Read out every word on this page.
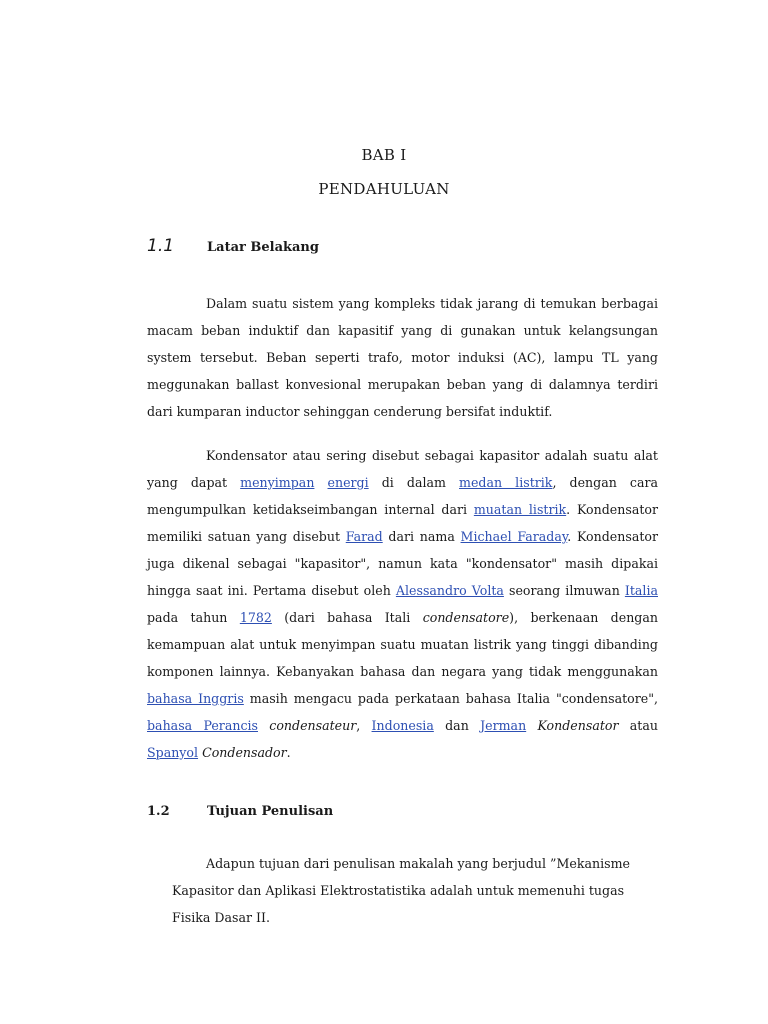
BAB I
PENDAHULUAN
1.1	Latar Belakang

Dalam suatu sistem yang kompleks tidak jarang di temukan berbagai macam beban induktif dan kapasitif yang di gunakan untuk kelangsungan system tersebut. Beban seperti trafo, motor induksi (AC), lampu TL yang meggunakan ballast konvesional merupakan beban yang di dalamnya terdiri dari kumparan inductor sehinggan cenderung bersifat induktif.

Kondensator atau sering disebut sebagai kapasitor adalah suatu alat yang dapat menyimpan energi di dalam medan listrik, dengan cara mengumpulkan ketidakseimbangan internal dari muatan listrik. Kondensator memiliki satuan yang disebut Farad dari nama Michael Faraday. Kondensator juga dikenal sebagai "kapasitor", namun kata "kondensator" masih dipakai hingga saat ini. Pertama disebut oleh Alessandro Volta seorang ilmuwan Italia pada tahun 1782 (dari bahasa Itali condensatore), berkenaan dengan kemampuan alat untuk menyimpan suatu muatan listrik yang tinggi dibanding komponen lainnya. Kebanyakan bahasa dan negara yang tidak menggunakan bahasa Inggris masih mengacu pada perkataan bahasa Italia "condensatore", bahasa Perancis condensateur, Indonesia dan Jerman Kondensator atau Spanyol Condensador.

1.2	Tujuan Penulisan

Adapun tujuan dari penulisan makalah yang berjudul ”Mekanisme Kapasitor dan Aplikasi Elektrostatistika adalah untuk memenuhi tugas Fisika Dasar II.
